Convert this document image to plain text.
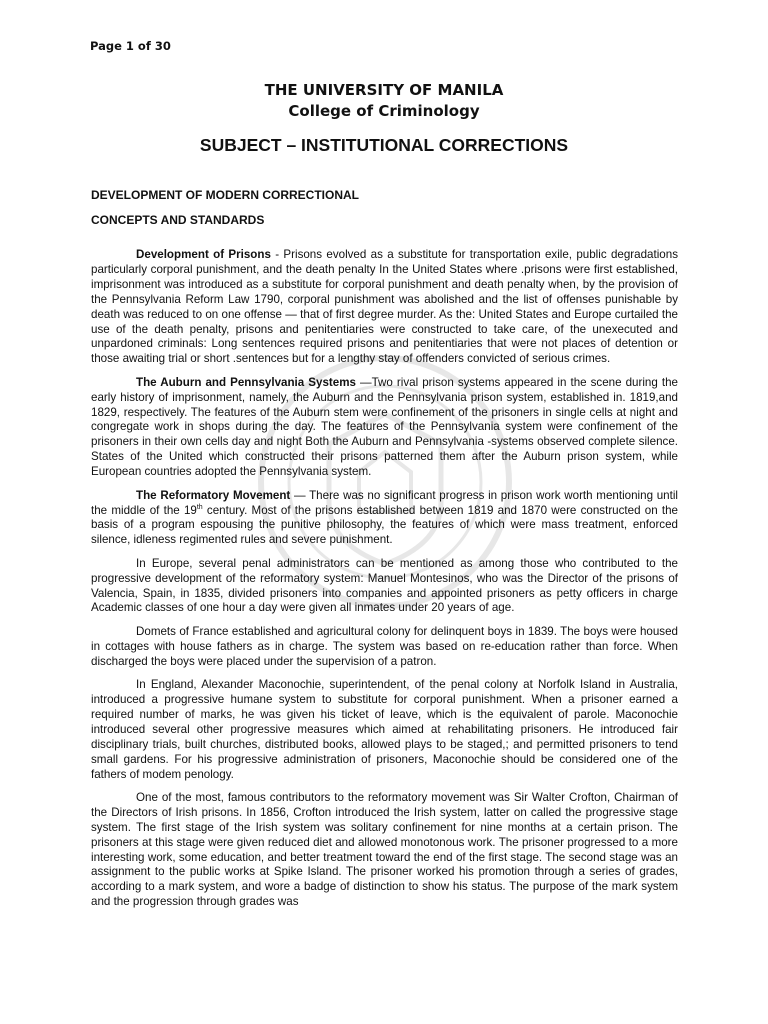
Page 1 of 30
THE UNIVERSITY OF MANILA
College of Criminology
SUBJECT – INSTITUTIONAL CORRECTIONS
DEVELOPMENT OF MODERN CORRECTIONAL
CONCEPTS AND STANDARDS

Development of Prisons - Prisons evolved as a substitute for transportation exile, public degradations particularly corporal punishment, and the death penalty In the United States where .prisons were first established, imprisonment was introduced as a substitute for corporal punishment and death penalty when, by the provision of the Pennsylvania Reform Law 1790, corporal punishment was abolished and the list of offenses punishable by death was reduced to on one offense — that of first degree murder. As the: United States and Europe curtailed the use of the death penalty, prisons and penitentiaries were constructed to take care, of the unexecuted and unpardoned criminals: Long sentences required prisons and penitentiaries that were not places of detention or those awaiting trial or short .sentences but for a lengthy stay of offenders convicted of serious crimes.

The Auburn and Pennsylvania Systems —Two rival prison systems appeared in the scene during the early history of imprisonment, namely, the Auburn and the Pennsylvania prison system, established in. 1819,and 1829, respectively. The features of the Auburn stem were confinement of the prisoners in single cells at night and congregate work in shops during the day. The features of the Pennsylvania system were confinement of the prisoners in their own cells day and night Both the Auburn and Pennsylvania -systems observed complete silence. States of the United which constructed their prisons patterned them after the Auburn prison system, while European countries adopted the Pennsylvania system.

The Reformatory Movement — There was no significant progress in prison work worth mentioning until the middle of the 19th century. Most of the prisons established between 1819 and 1870 were constructed on the basis of a program espousing the punitive philosophy, the features of which were mass treatment, enforced silence, idleness regimented rules and severe punishment.

In Europe, several penal administrators can be mentioned as among those who contributed to the progressive development of the reformatory system: Manuel Montesinos, who was the Director of the prisons of Valencia, Spain, in 1835, divided prisoners into companies and appointed prisoners as petty officers in charge Academic classes of one hour a day were given all inmates under 20 years of age.

Domets of France established and agricultural colony for delinquent boys in 1839. The boys were housed in cottages with house fathers as in charge. The system was based on re-education rather than force. When discharged the boys were placed under the supervision of a patron.

In England, Alexander Maconochie, superintendent, of the penal colony at Norfolk Island in Australia, introduced a progressive humane system to substitute for corporal punishment. When a prisoner earned a required number of marks, he was given his ticket of leave, which is the equivalent of parole. Maconochie introduced several other progressive measures which aimed at rehabilitating prisoners. He introduced fair disciplinary trials, built churches, distributed books, allowed plays to be staged,; and permitted prisoners to tend small gardens. For his progressive administration of prisoners, Maconochie should be considered one of the fathers of modem penology.

One of the most, famous contributors to the reformatory movement was Sir Walter Crofton, Chairman of the Directors of Irish prisons. In 1856, Crofton introduced the Irish system, latter on called the progressive stage system. The first stage of the Irish system was solitary confinement for nine months at a certain prison. The prisoners at this stage were given reduced diet and allowed monotonous work. The prisoner progressed to a more interesting work, some education, and better treatment toward the end of the first stage. The second stage was an assignment to the public works at Spike Island. The prisoner worked his promotion through a series of grades, according to a mark system, and wore a badge of distinction to show his status. The purpose of the mark system and the progression through grades was
